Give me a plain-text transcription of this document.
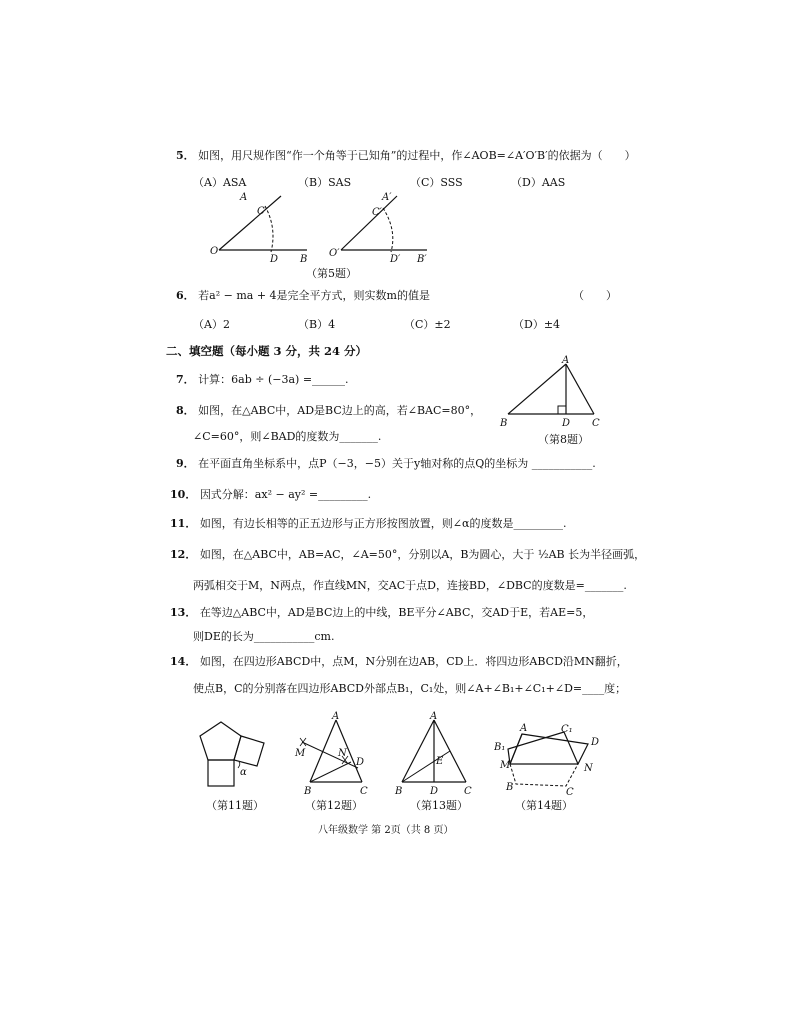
5． 如图，用尺规作图“作一个角等于已知角”的过程中，作∠AOB=∠A′O′B′的依据为（　　）
（A）ASA	（B）SAS	（C）SSS	（D）AAS
A
C
O
D B
A′
C′
O′
D′ B′
（第5题）
6． 若a² − ma + 4是完全平方式，则实数m的值是	（　　）
（A）2	（B）4	（C）±2	（D）±4
二、填空题（每小题 3 分，共 24 分）
7． 计算：6ab ÷ (−3a) =______.
A
B	D C
（第8题）
8． 如图，在△ABC中，AD是BC边上的高，若∠BAC=80°，
∠C=60°，则∠BAD的度数为_______.
9． 在平面直角坐标系中，点P（−3，−5）关于y轴对称的点Q的坐标为 ___________.
10． 因式分解：ax² − ay² =_________.
11． 如图，有边长相等的正五边形与正方形按图放置，则∠α的度数是_________.
12． 如图，在△ABC中，AB=AC，∠A=50°，分别以A，B为圆心，大于 ½AB 长为半径画弧，
两弧相交于M，N两点，作直线MN，交AC于点D，连接BD，∠DBC的度数是=_______.
13． 在等边△ABC中，AD是BC边上的中线，BE平分∠ABC，交AD于E，若AE=5，
则DE的长为___________cm.
14． 如图，在四边形ABCD中，点M，N分别在边AB，CD上．将四边形ABCD沿MN翻折，
使点B，C的分别落在四边形ABCD外部点B₁，C₁处，则∠A+∠B₁+∠C₁+∠D=____度；
α
（第11题）
A
M	N
D
B	C
（第12题）
A
E
B	D	C
（第13题）
A	C₁
B₁	D
M	N
B	C
（第14题）
八年级数学 第 2页（共 8 页）
